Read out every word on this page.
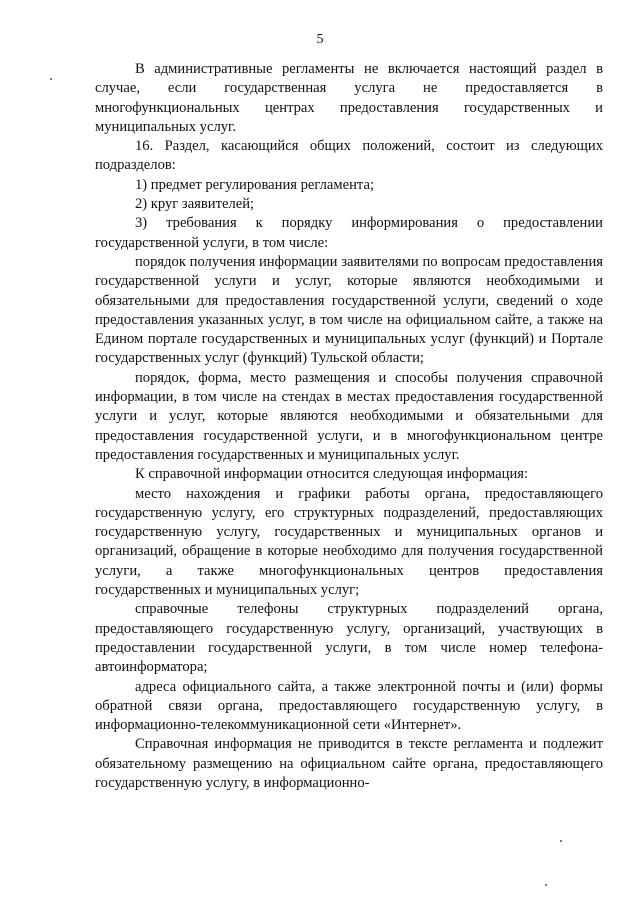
5

В административные регламенты не включается настоящий раздел в случае, если государственная услуга не предоставляется в многофункциональных центрах предоставления государственных и муниципальных услуг.

16. Раздел, касающийся общих положений, состоит из следующих подразделов:

1) предмет регулирования регламента;

2) круг заявителей;

3) требования к порядку информирования о предоставлении государственной услуги, в том числе:

порядок получения информации заявителями по вопросам предоставления государственной услуги и услуг, которые являются необходимыми и обязательными для предоставления государственной услуги, сведений о ходе предоставления указанных услуг, в том числе на официальном сайте, а также на Едином портале государственных и муниципальных услуг (функций) и Портале государственных услуг (функций) Тульской области;

порядок, форма, место размещения и способы получения справочной информации, в том числе на стендах в местах предоставления государственной услуги и услуг, которые являются необходимыми и обязательными для предоставления государственной услуги, и в многофункциональном центре предоставления государственных и муниципальных услуг.

К справочной информации относится следующая информация:

место нахождения и графики работы органа, предоставляющего государственную услугу, его структурных подразделений, предоставляющих государственную услугу, государственных и муниципальных органов и организаций, обращение в которые необходимо для получения государственной услуги, а также многофункциональных центров предоставления государственных и муниципальных услуг;

справочные телефоны структурных подразделений органа, предоставляющего государственную услугу, организаций, участвующих в предоставлении государственной услуги, в том числе номер телефона-автоинформатора;

адреса официального сайта, а также электронной почты и (или) формы обратной связи органа, предоставляющего государственную услугу, в информационно-телекоммуникационной сети «Интернет».

Справочная информация не приводится в тексте регламента и подлежит обязательному размещению на официальном сайте органа, предоставляющего государственную услугу, в информационно-
